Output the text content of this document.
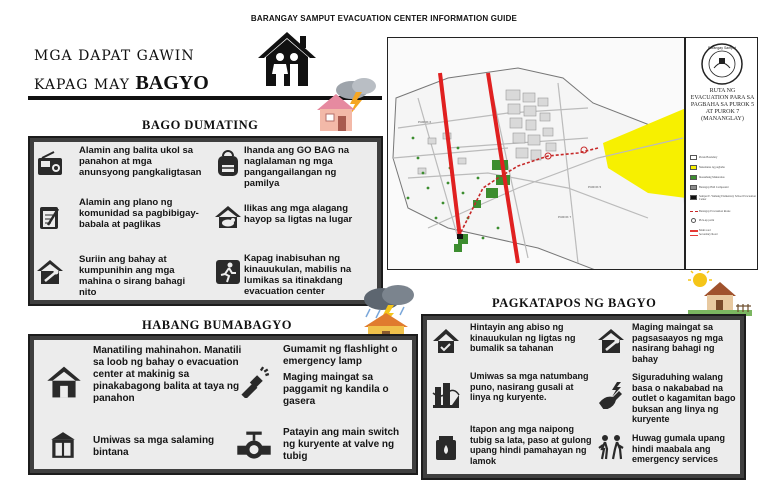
BARANGAY SAMPUT EVACUATION CENTER INFORMATION GUIDE
MGA DAPAT GAWIN
KAPAG MAY BAGYO
BAGO DUMATING
Alamin ang balita ukol sa panahon at mga anunsyong pangkaligtasan
Ihanda ang GO BAG na naglalaman ng mga pangangailangan ng pamilya
Alamin ang plano ng komunidad sa pagbibigay-babala at paglikas
Ilikas ang mga alagang hayop sa ligtas na lugar
Suriin ang bahay at kumpunihin ang mga mahina o sirang bahagi nito
Kapag inabisuhan ng kinauukulan, mabilis na lumikas sa itinakdang evacuation center
HABANG BUMABAGYO
Manatiling mahinahon. Manatili sa loob ng bahay o evacuation center at makinig sa pinakabagong balita at taya ng panahon
Gumamit ng flashlight o emergency lamp
Maging maingat sa paggamit ng kandila o gasera
Umiwas sa mga salaming bintana
Patayin ang main switch ng kuryente at valve ng tubig
PAGKATAPOS NG BAGYO
Hintayin ang abiso ng kinauukulan ng ligtas ng bumalik sa tahanan
Maging maingat sa pagsasaayos ng mga nasirang bahagi ng bahay
Umiwas sa mga natumbang puno, nasirang gusali at linya ng kuryente.
Siguraduhing walang basa o nakababad na outlet o kagamitan bago buksan ang linya ng kuryente
Itapon ang mga naipong tubig sa lata, paso at gulong upang hindi pamahayan ng lamok
Huwag gumala upang hindi maabala ang emergency services
PUROK 6
PUROK 5
PUROK 7
Barangay Samput
RUTA NG EVACUATION PARA SA PAGBAHA SA PUROK 5 AT PUROK 7 (MANANGLAY)
Purok Boundary
Nakadanas ng pagbaha
Inaasahang Makaranas
Barangay Hall Compound
Samput E. Yumang Elementary School Evacuation Center
Barangay Evacuation Route
Pick-up point
Main road
Secondary Road
